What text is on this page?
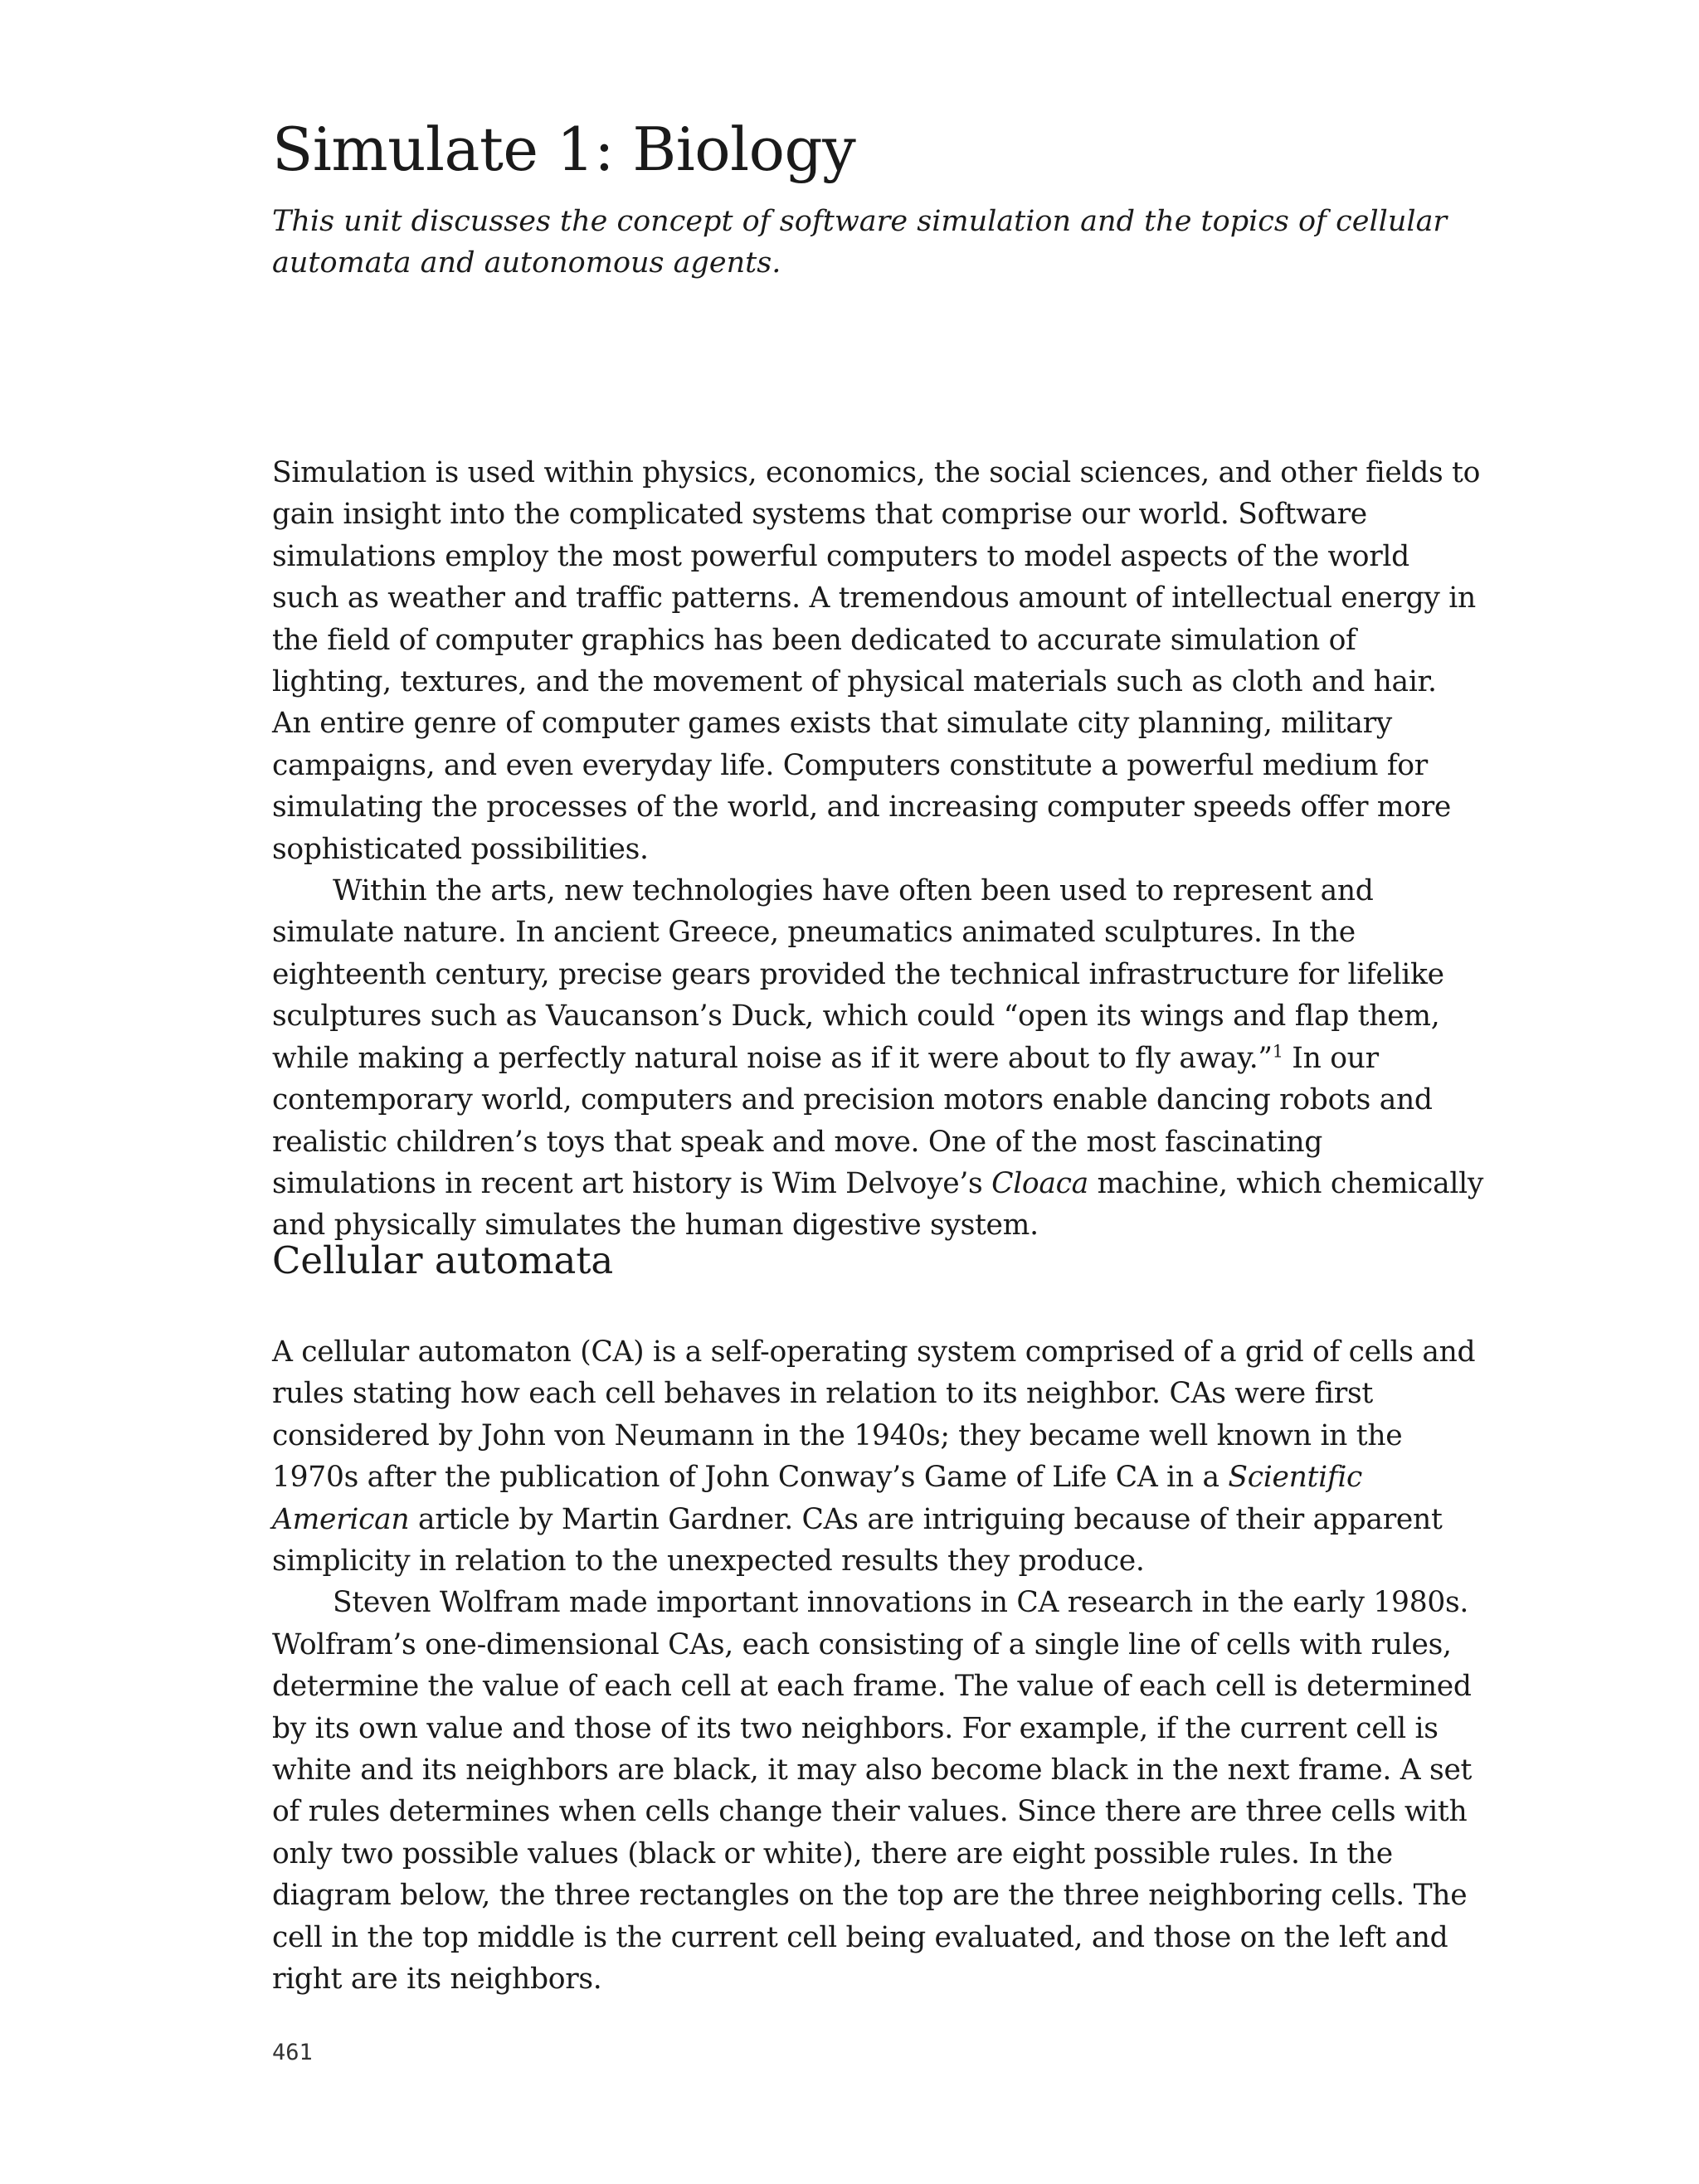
Simulate 1: Biology

This unit discusses the concept of software simulation and the topics of cellular automata and autonomous agents.

Simulation is used within physics, economics, the social sciences, and other fields to gain insight into the complicated systems that comprise our world. Software simulations employ the most powerful computers to model aspects of the world such as weather and traffic patterns. A tremendous amount of intellectual energy in the field of computer graphics has been dedicated to accurate simulation of lighting, textures, and the movement of physical materials such as cloth and hair. An entire genre of computer games exists that simulate city planning, military campaigns, and even everyday life. Computers constitute a powerful medium for simulating the processes of the world, and increasing computer speeds offer more sophisticated possibilities.

Within the arts, new technologies have often been used to represent and simulate nature. In ancient Greece, pneumatics animated sculptures. In the eighteenth century, precise gears provided the technical infrastructure for lifelike sculptures such as Vaucanson’s Duck, which could “open its wings and flap them, while making a perfectly natural noise as if it were about to fly away.”$^1$ In our contemporary world, computers and precision motors enable dancing robots and realistic children’s toys that speak and move. One of the most fascinating simulations in recent art history is Wim Delvoye’s Cloaca machine, which chemically and physically simulates the human digestive system.

Cellular automata

A cellular automaton (CA) is a self-operating system comprised of a grid of cells and rules stating how each cell behaves in relation to its neighbor. CAs were first considered by John von Neumann in the 1940s; they became well known in the 1970s after the publication of John Conway’s Game of Life CA in a Scientific American article by Martin Gardner. CAs are intriguing because of their apparent simplicity in relation to the unexpected results they produce.

Steven Wolfram made important innovations in CA research in the early 1980s. Wolfram’s one-dimensional CAs, each consisting of a single line of cells with rules, determine the value of each cell at each frame. The value of each cell is determined by its own value and those of its two neighbors. For example, if the current cell is white and its neighbors are black, it may also become black in the next frame. A set of rules determines when cells change their values. Since there are three cells with only two possible values (black or white), there are eight possible rules. In the diagram below, the three rectangles on the top are the three neighboring cells. The cell in the top middle is the current cell being evaluated, and those on the left and right are its neighbors.

461
